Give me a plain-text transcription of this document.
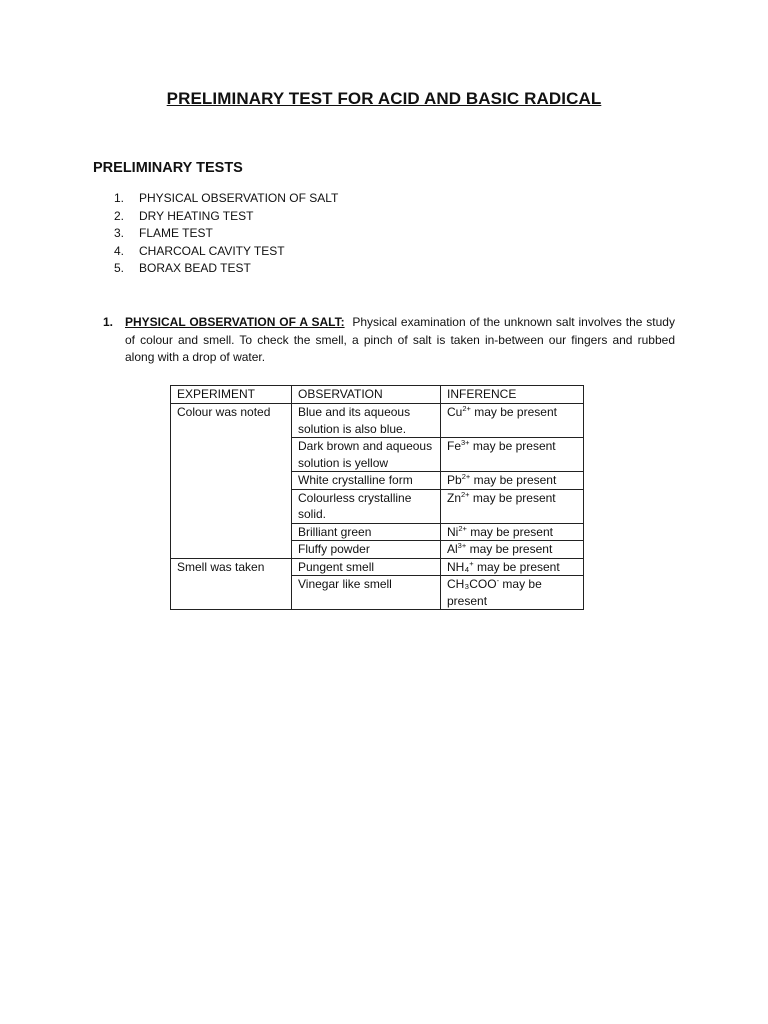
PRELIMINARY TEST FOR ACID AND BASIC RADICAL
PRELIMINARY TESTS
1. PHYSICAL OBSERVATION OF SALT
2. DRY HEATING TEST
3. FLAME TEST
4. CHARCOAL CAVITY TEST
5. BORAX BEAD TEST
1. PHYSICAL OBSERVATION OF A SALT: Physical examination of the unknown salt involves the study of colour and smell. To check the smell, a pinch of salt is taken in-between our fingers and rubbed along with a drop of water.
EXPERIMENT	OBSERVATION	INFERENCE
Colour was noted	Blue and its aqueous solution is also blue.	$Cu^{2+}$ may be present
	Dark brown and aqueous solution is yellow	$Fe^{3+}$ may be present
	White crystalline form	$Pb^{2+}$ may be present
	Colourless crystalline solid.	$Zn^{2+}$ may be present
	Brilliant green	$Ni^{2+}$ may be present
	Fluffy powder	$Al^{3+}$ may be present
Smell was taken	Pungent smell	NH₄+ may be present
	Vinegar like smell	CH₃COO- may be present
